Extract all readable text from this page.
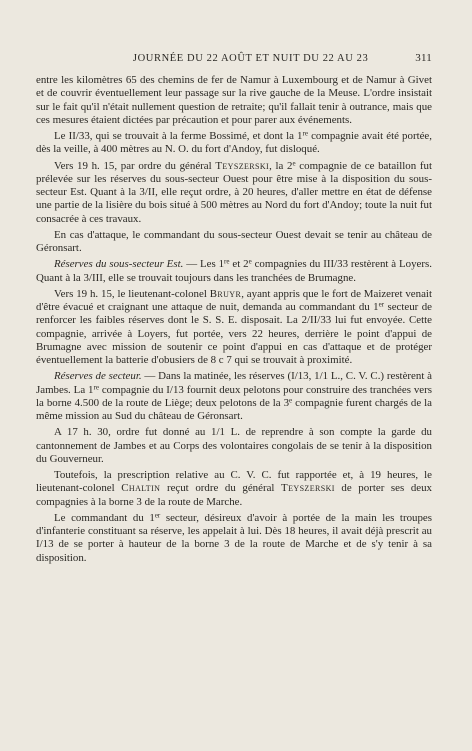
JOURNÉE DU 22 AOÛT ET NUIT DU 22 AU 23	311

entre les kilomètres 65 des chemins de fer de Namur à Luxembourg et de Namur à Givet et de couvrir éventuellement leur passage sur la rive gauche de la Meuse. L'ordre insistait sur le fait qu'il n'était nullement question de retraite; qu'il fallait tenir à outrance, mais que ces mesures étaient dictées par précaution et pour parer aux événements.

Le II/33, qui se trouvait à la ferme Bossimé, et dont la 1re compagnie avait été portée, dès la veille, à 400 mètres au N. O. du fort d'Andoy, fut disloqué.

Vers 19 h. 15, par ordre du général Teyszerski, la 2e compagnie de ce bataillon fut prélevée sur les réserves du sous-secteur Ouest pour être mise à la disposition du sous-secteur Est. Quant à la 3/II, elle reçut ordre, à 20 heures, d'aller mettre en état de défense une partie de la lisière du bois situé à 500 mètres au Nord du fort d'Andoy; toute la nuit fut consacrée à ces travaux.

En cas d'attaque, le commandant du sous-secteur Ouest devait se tenir au château de Géronsart.

Réserves du sous-secteur Est. — Les 1re et 2e compagnies du III/33 restèrent à Loyers. Quant à la 3/III, elle se trouvait toujours dans les tranchées de Brumagne.

Vers 19 h. 15, le lieutenant-colonel Bruyr, ayant appris que le fort de Maizeret venait d'être évacué et craignant une attaque de nuit, demanda au commandant du 1er secteur de renforcer les faibles réserves dont le S. S. E. disposait. La 2/II/33 lui fut envoyée. Cette compagnie, arrivée à Loyers, fut portée, vers 22 heures, derrière le point d'appui de Brumagne avec mission de soutenir ce point d'appui en cas d'attaque et de protéger éventuellement la batterie d'obusiers de 8 c 7 qui se trouvait à proximité.

Réserves de secteur. — Dans la matinée, les réserves (I/13, 1/1 L., C. V. C.) restèrent à Jambes. La 1re compagnie du I/13 fournit deux pelotons pour construire des tranchées vers la borne 4.500 de la route de Liège; deux pelotons de la 3e compagnie furent chargés de la même mission au Sud du château de Géronsart.

A 17 h. 30, ordre fut donné au 1/1 L. de reprendre à son compte la garde du cantonnement de Jambes et au Corps des volontaires congolais de se tenir à la disposition du Gouverneur.

Toutefois, la prescription relative au C. V. C. fut rapportée et, à 19 heures, le lieutenant-colonel Chaltin reçut ordre du général Teyszerski de porter ses deux compagnies à la borne 3 de la route de Marche.

Le commandant du 1er secteur, désireux d'avoir à portée de la main les troupes d'infanterie constituant sa réserve, les appelait à lui. Dès 18 heures, il avait déjà prescrit au I/13 de se porter à hauteur de la borne 3 de la route de Marche et de s'y tenir à sa disposition.
